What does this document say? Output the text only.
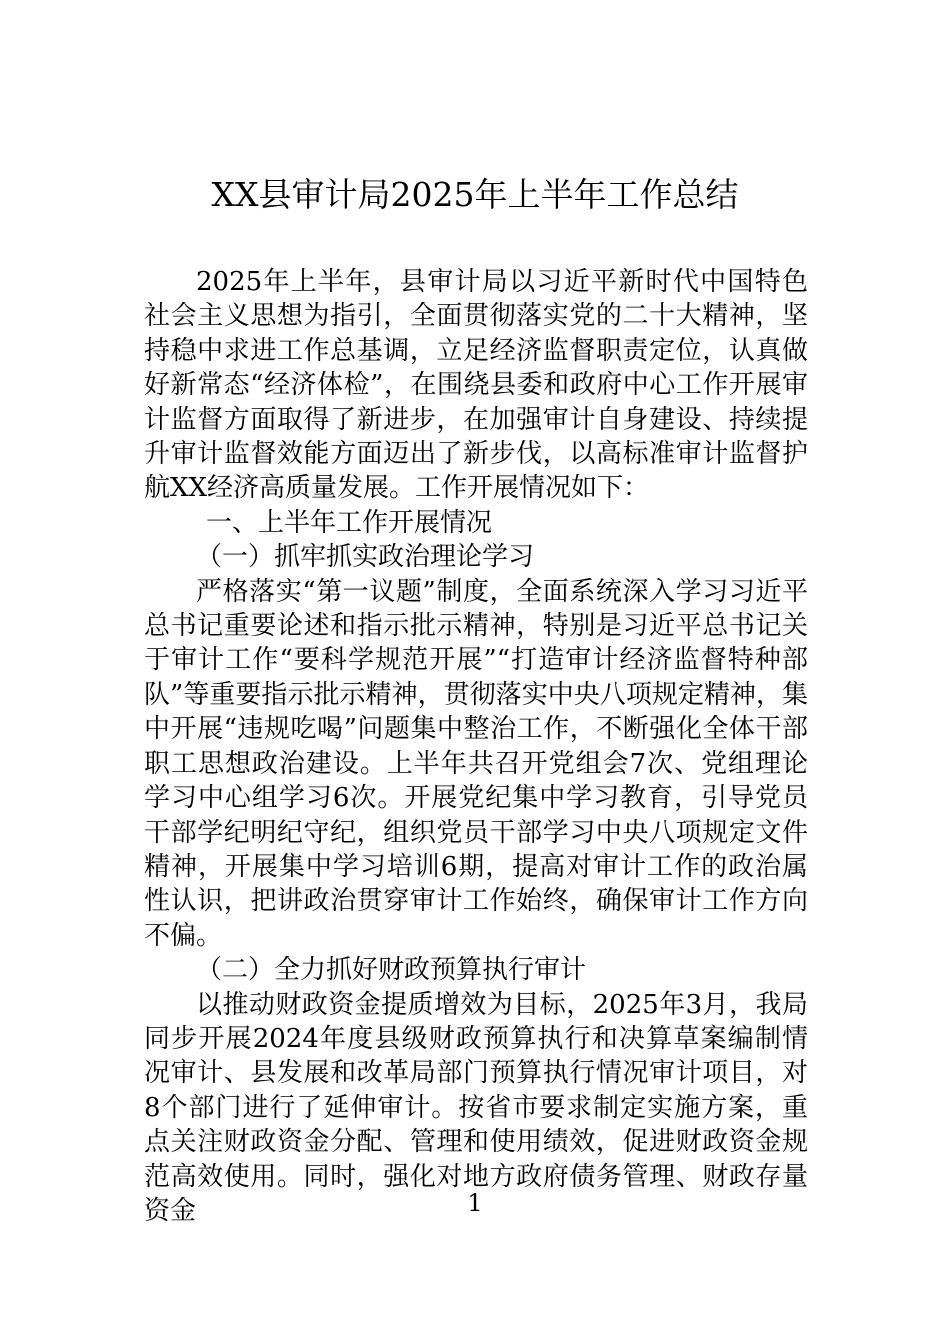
XX县审计局2025年上半年工作总结

2025年上半年，县审计局以习近平新时代中国特色社会主义思想为指引，全面贯彻落实党的二十大精神，坚持稳中求进工作总基调，立足经济监督职责定位，认真做好新常态“经济体检”，在围绕县委和政府中心工作开展审计监督方面取得了新进步，在加强审计自身建设、持续提升审计监督效能方面迈出了新步伐，以高标准审计监督护航XX经济高质量发展。工作开展情况如下：

一、上半年工作开展情况

（一）抓牢抓实政治理论学习

严格落实“第一议题”制度，全面系统深入学习习近平总书记重要论述和指示批示精神，特别是习近平总书记关于审计工作“要科学规范开展”“打造审计经济监督特种部队”等重要指示批示精神，贯彻落实中央八项规定精神，集中开展“违规吃喝”问题集中整治工作，不断强化全体干部职工思想政治建设。上半年共召开党组会7次、党组理论学习中心组学习6次。开展党纪集中学习教育，引导党员干部学纪明纪守纪，组织党员干部学习中央八项规定文件精神，开展集中学习培训6期，提高对审计工作的政治属性认识，把讲政治贯穿审计工作始终，确保审计工作方向不偏。

（二）全力抓好财政预算执行审计

以推动财政资金提质增效为目标，2025年3月，我局同步开展2024年度县级财政预算执行和决算草案编制情况审计、县发展和改革局部门预算执行情况审计项目，对8个部门进行了延伸审计。按省市要求制定实施方案，重点关注财政资金分配、管理和使用绩效，促进财政资金规范高效使用。同时，强化对地方政府债务管理、财政存量资金	1
